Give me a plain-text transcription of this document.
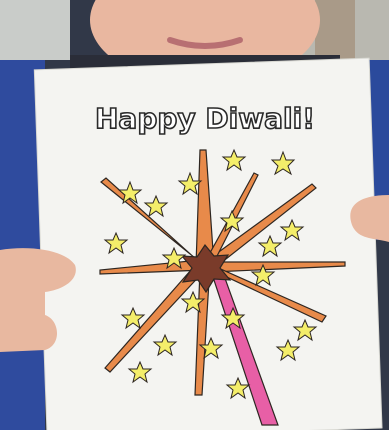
Happy Diwali!
